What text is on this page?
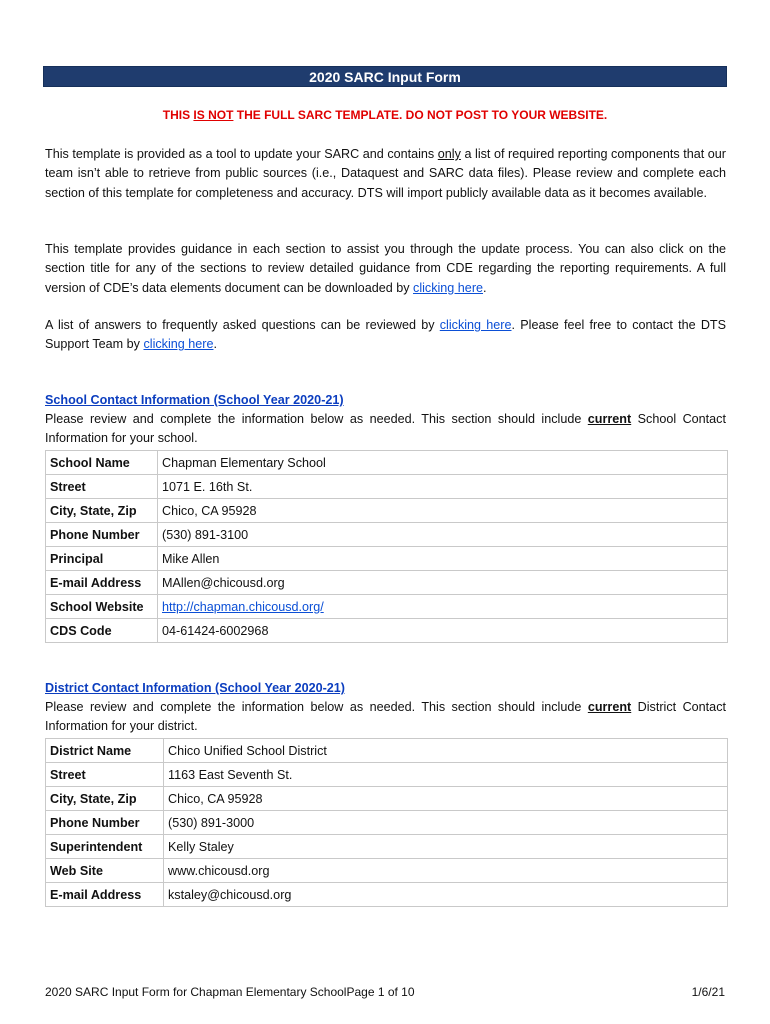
2020 SARC Input Form
THIS IS NOT THE FULL SARC TEMPLATE. DO NOT POST TO YOUR WEBSITE.

This template is provided as a tool to update your SARC and contains only a list of required reporting components that our team isn’t able to retrieve from public sources (i.e., Dataquest and SARC data files). Please review and complete each section of this template for completeness and accuracy. DTS will import publicly available data as it becomes available.

This template provides guidance in each section to assist you through the update process. You can also click on the section title for any of the sections to review detailed guidance from CDE regarding the reporting requirements. A full version of CDE’s data elements document can be downloaded by clicking here.

A list of answers to frequently asked questions can be reviewed by clicking here. Please feel free to contact the DTS Support Team by clicking here.

School Contact Information (School Year 2020-21)

Please review and complete the information below as needed. This section should include current School Contact Information for your school.

School Name	Chapman Elementary School
Street	1071 E. 16th St.
City, State, Zip	Chico, CA 95928
Phone Number	(530) 891-3100
Principal	Mike Allen
E-mail Address	MAllen@chicousd.org
School Website	http://chapman.chicousd.org/
CDS Code	04-61424-6002968
District Contact Information (School Year 2020-21)

Please review and complete the information below as needed. This section should include current District Contact Information for your district.

District Name	Chico Unified School District
Street	1163 East Seventh St.
City, State, Zip	Chico, CA 95928
Phone Number	(530) 891-3000
Superintendent	Kelly Staley
Web Site	www.chicousd.org
E-mail Address	kstaley@chicousd.org
2020 SARC Input Form for Chapman Elementary SchoolPage 1 of 10	1/6/21
